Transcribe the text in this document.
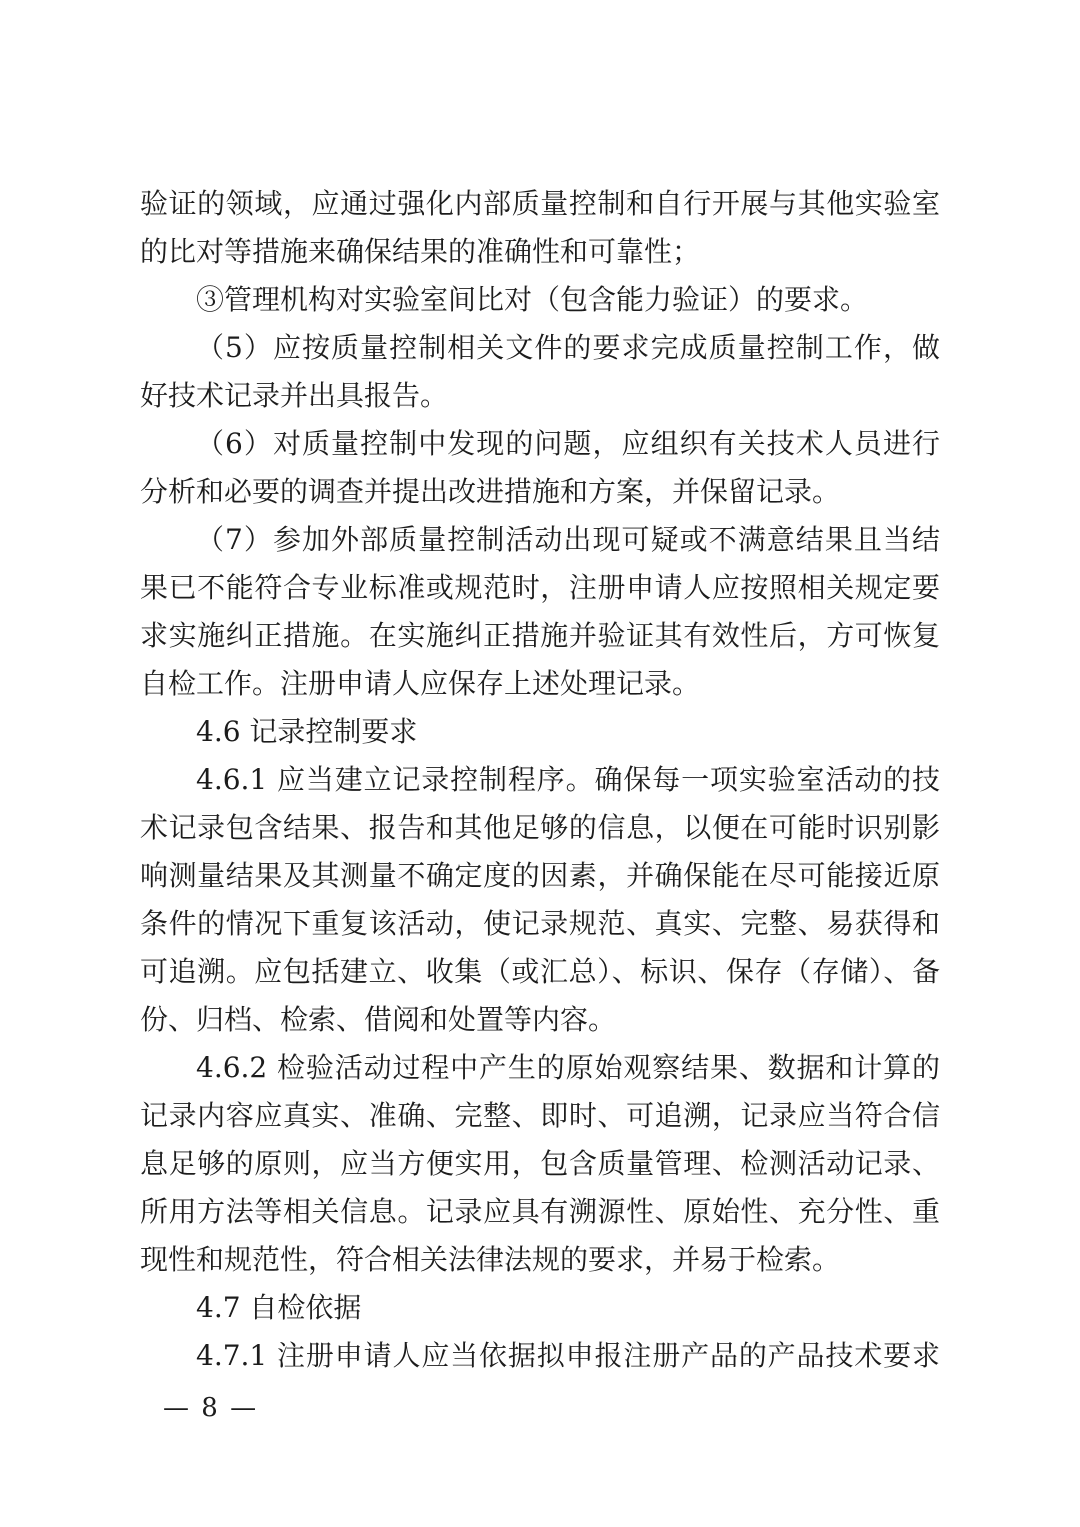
验证的领域，应通过强化内部质量控制和自行开展与其他实验室
的比对等措施来确保结果的准确性和可靠性；
③管理机构对实验室间比对（包含能力验证）的要求。
（5）应按质量控制相关文件的要求完成质量控制工作，做
好技术记录并出具报告。
（6）对质量控制中发现的问题，应组织有关技术人员进行
分析和必要的调查并提出改进措施和方案，并保留记录。
（7）参加外部质量控制活动出现可疑或不满意结果且当结
果已不能符合专业标准或规范时，注册申请人应按照相关规定要
求实施纠正措施。在实施纠正措施并验证其有效性后，方可恢复
自检工作。注册申请人应保存上述处理记录。
4.6 记录控制要求
4.6.1 应当建立记录控制程序。确保每一项实验室活动的技
术记录包含结果、报告和其他足够的信息，以便在可能时识别影
响测量结果及其测量不确定度的因素，并确保能在尽可能接近原
条件的情况下重复该活动，使记录规范、真实、完整、易获得和
可追溯。应包括建立、收集（或汇总）、标识、保存（存储）、备
份、归档、检索、借阅和处置等内容。
4.6.2 检验活动过程中产生的原始观察结果、数据和计算的
记录内容应真实、准确、完整、即时、可追溯，记录应当符合信
息足够的原则，应当方便实用，包含质量管理、检测活动记录、
所用方法等相关信息。记录应具有溯源性、原始性、充分性、重
现性和规范性，符合相关法律法规的要求，并易于检索。
4.7 自检依据
4.7.1 注册申请人应当依据拟申报注册产品的产品技术要求
— 8 —
